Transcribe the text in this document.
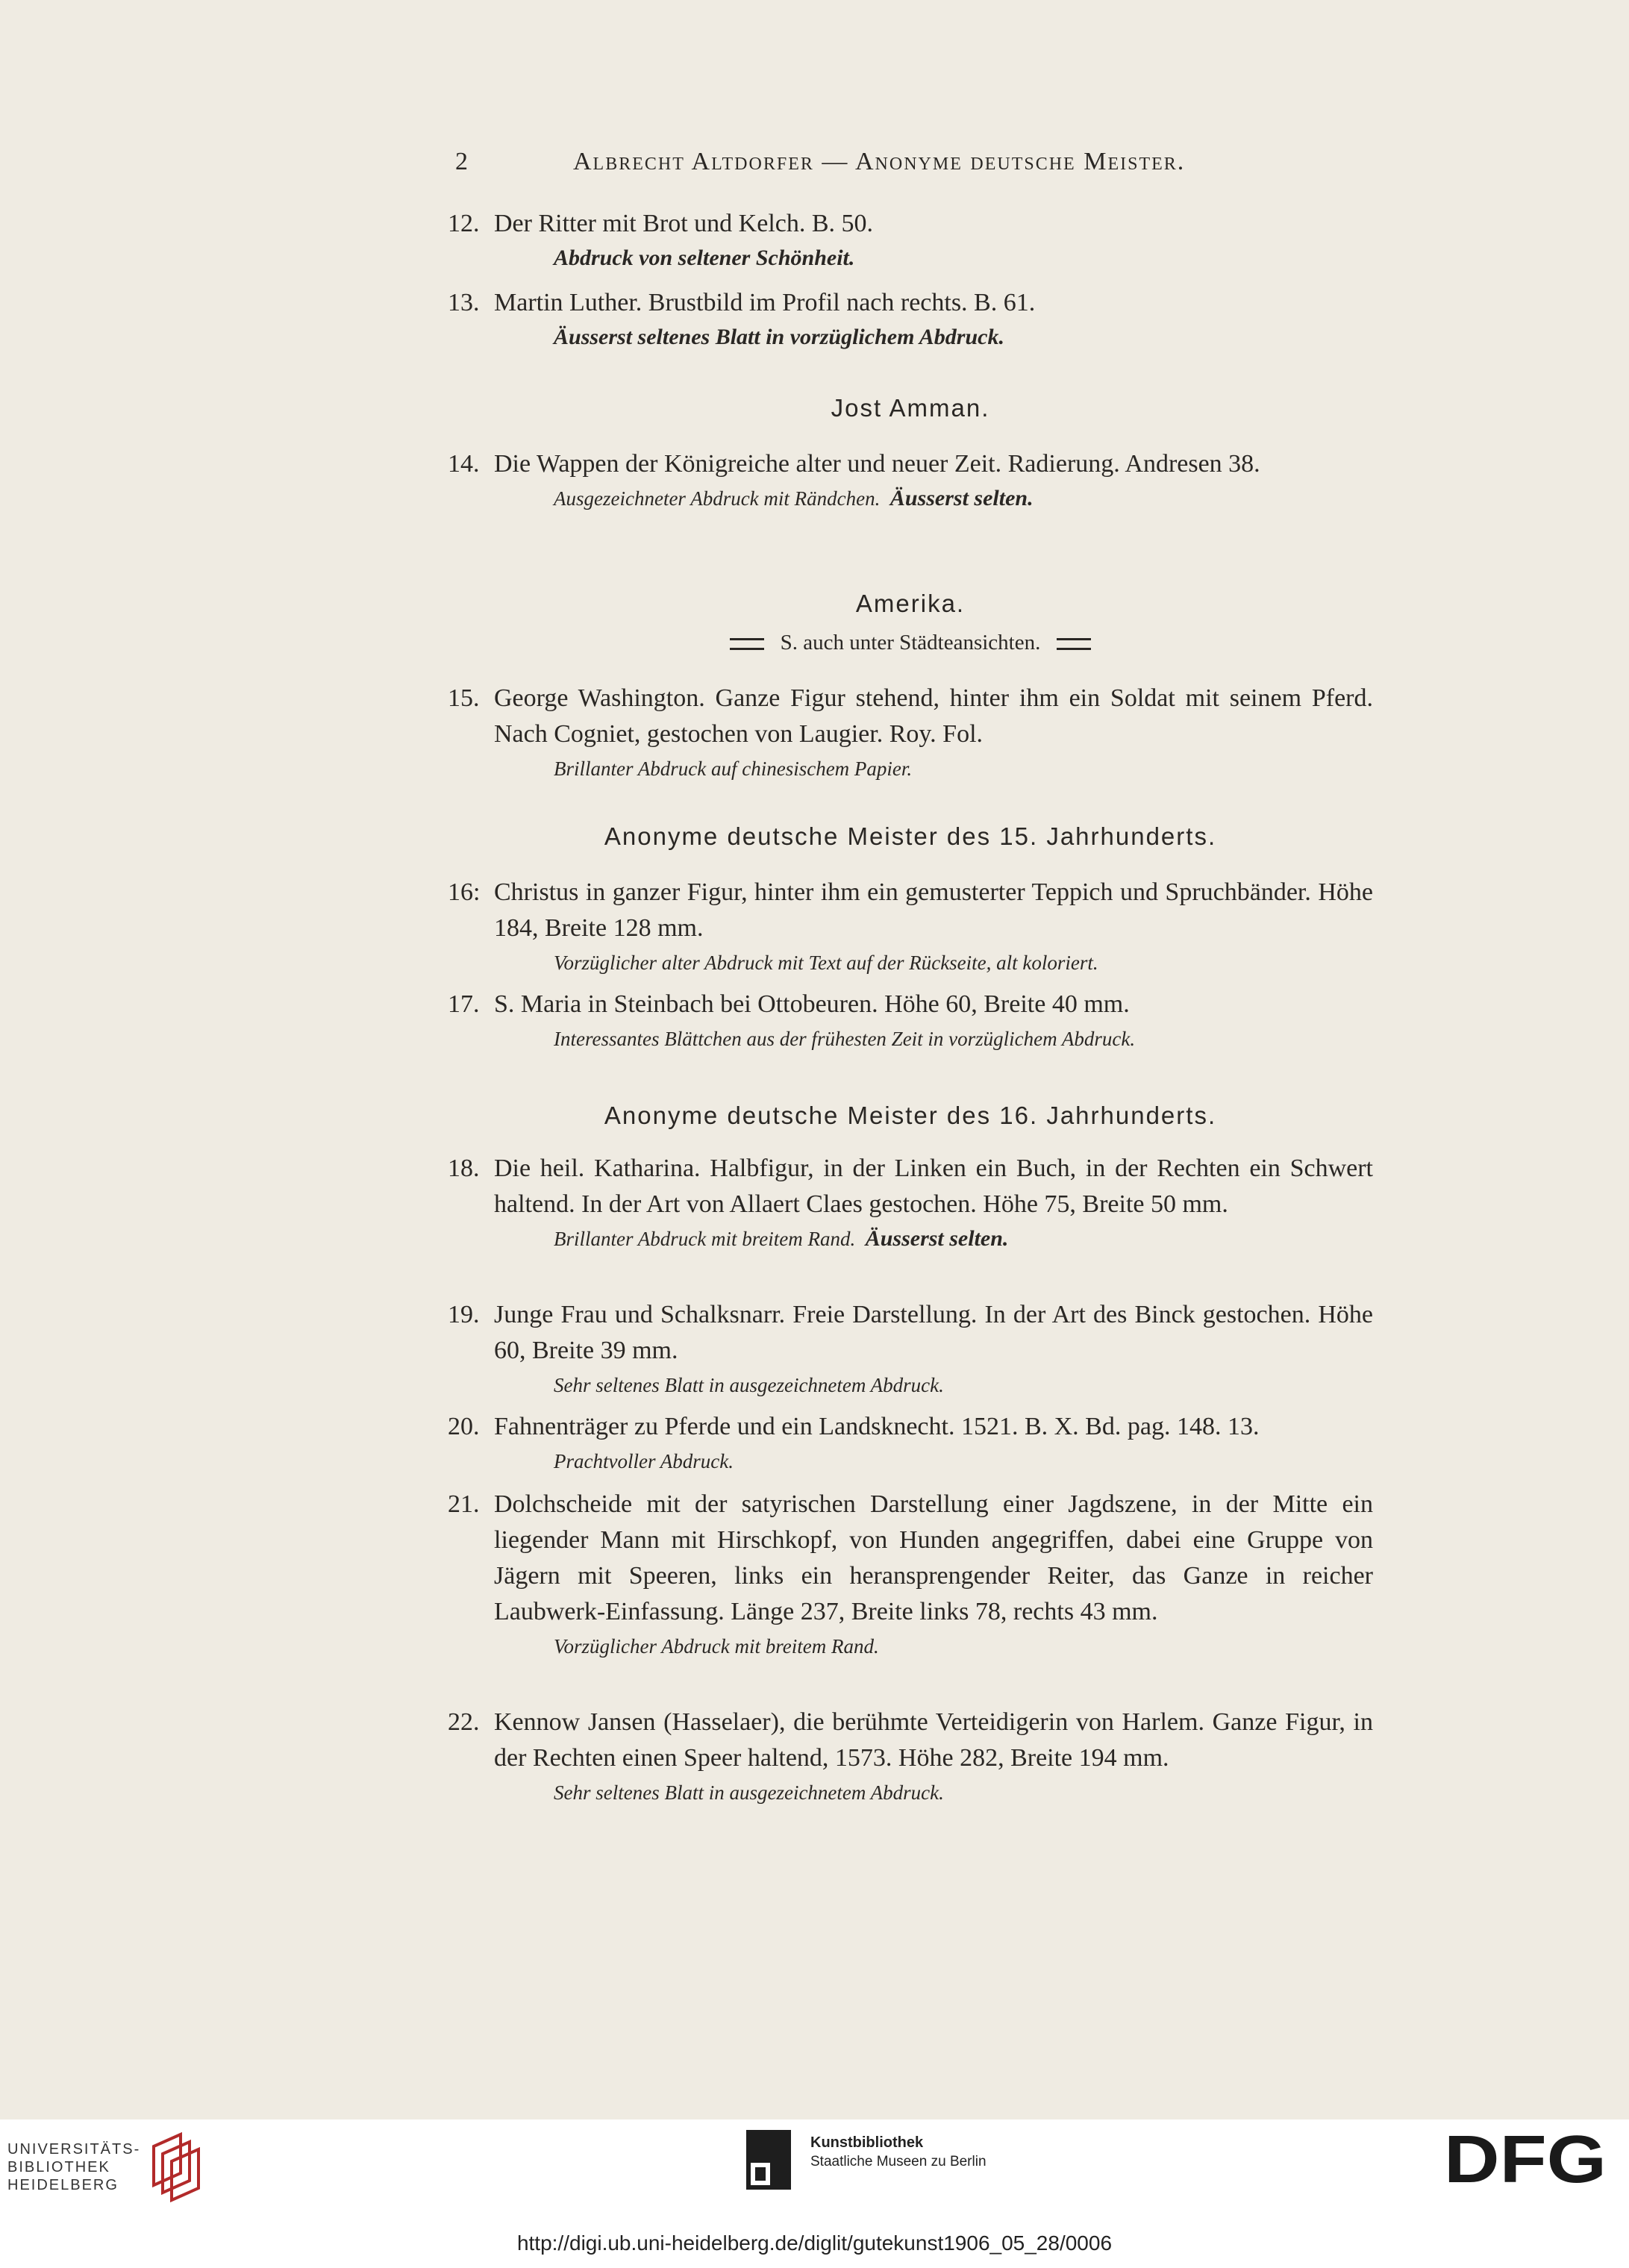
2	Albrecht Altdorfer — Anonyme deutsche Meister.
12. Der Ritter mit Brot und Kelch. B. 50.
Abdruck von seltener Schönheit.
13. Martin Luther. Brustbild im Profil nach rechts. B. 61.
Äusserst seltenes Blatt in vorzüglichem Abdruck.
Jost Amman.
14. Die Wappen der Königreiche alter und neuer Zeit. Radierung. Andresen 38.
Ausgezeichneter Abdruck mit Rändchen. Äusserst selten.
Amerika.
S. auch unter Städteansichten.
15. George Washington. Ganze Figur stehend, hinter ihm ein Soldat mit seinem Pferd. Nach Cogniet, gestochen von Laugier. Roy. Fol.
Brillanter Abdruck auf chinesischem Papier.
Anonyme deutsche Meister des 15. Jahrhunderts.
16: Christus in ganzer Figur, hinter ihm ein gemusterter Teppich und Spruchbänder. Höhe 184, Breite 128 mm.
Vorzüglicher alter Abdruck mit Text auf der Rückseite, alt koloriert.
17. S. Maria in Steinbach bei Ottobeuren. Höhe 60, Breite 40 mm.
Interessantes Blättchen aus der frühesten Zeit in vorzüglichem Abdruck.
Anonyme deutsche Meister des 16. Jahrhunderts.
18. Die heil. Katharina. Halbfigur, in der Linken ein Buch, in der Rechten ein Schwert haltend. In der Art von Allaert Claes gestochen. Höhe 75, Breite 50 mm.
Brillanter Abdruck mit breitem Rand. Äusserst selten.
19. Junge Frau und Schalksnarr. Freie Darstellung. In der Art des Binck gestochen. Höhe 60, Breite 39 mm.
Sehr seltenes Blatt in ausgezeichnetem Abdruck.
20. Fahnenträger zu Pferde und ein Landsknecht. 1521. B. X. Bd. pag. 148. 13.
Prachtvoller Abdruck.
21. Dolchscheide mit der satyrischen Darstellung einer Jagdszene, in der Mitte ein liegender Mann mit Hirschkopf, von Hunden angegriffen, dabei eine Gruppe von Jägern mit Speeren, links ein heransprengender Reiter, das Ganze in reicher Laubwerk-Einfassung. Länge 237, Breite links 78, rechts 43 mm.
Vorzüglicher Abdruck mit breitem Rand.
22. Kennow Jansen (Hasselaer), die berühmte Verteidigerin von Harlem. Ganze Figur, in der Rechten einen Speer haltend, 1573. Höhe 282, Breite 194 mm.
Sehr seltenes Blatt in ausgezeichnetem Abdruck.
UNIVERSITÄTS-
BIBLIOTHEK
HEIDELBERG
Kunstbibliothek
Staatliche Museen zu Berlin	DFG
http://digi.ub.uni-heidelberg.de/diglit/gutekunst1906_05_28/0006
